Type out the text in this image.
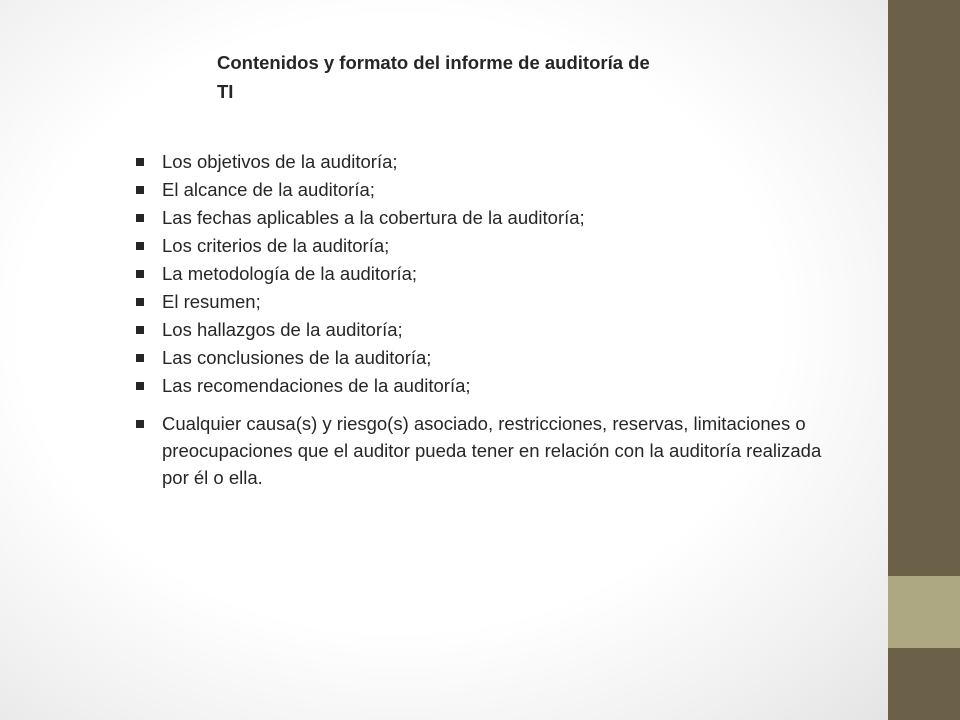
Contenidos y formato del informe de auditoría de TI
Los objetivos de la auditoría;
El alcance de la auditoría;
Las fechas aplicables a la cobertura de la auditoría;
Los criterios de la auditoría;
La metodología de la auditoría;
El resumen;
Los hallazgos de la auditoría;
Las conclusiones de la auditoría;
Las recomendaciones de la auditoría;
Cualquier causa(s) y riesgo(s) asociado, restricciones, reservas, limitaciones o preocupaciones que el auditor pueda tener en relación con la auditoría realizada por él o ella.
